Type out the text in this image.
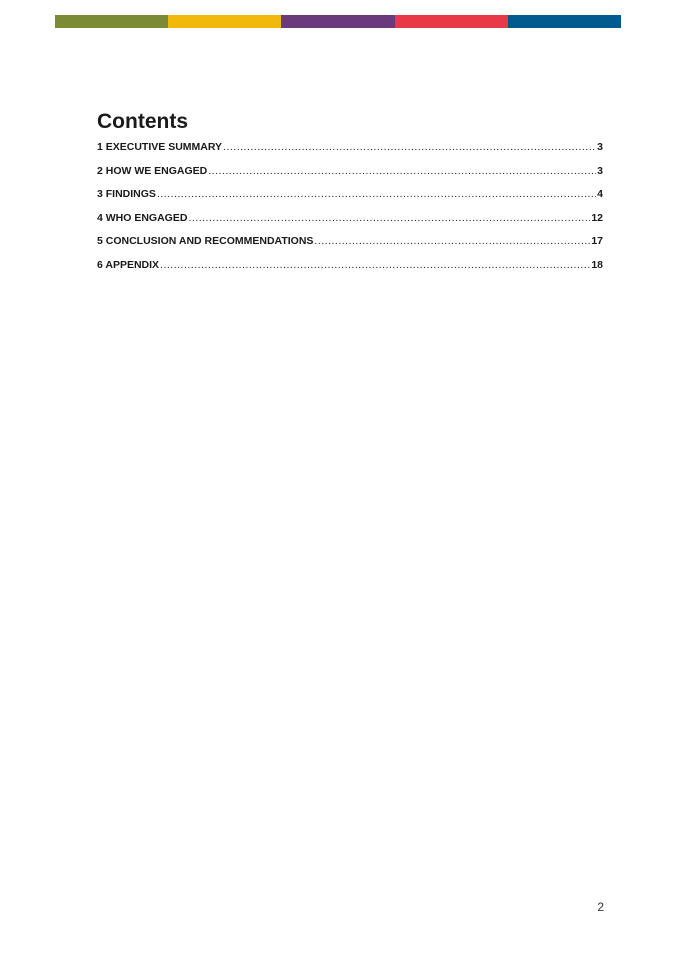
Contents
1 EXECUTIVE SUMMARY .....	3
2 HOW WE ENGAGED .....	3
3 FINDINGS .....	4
4 WHO ENGAGED .....	12
5 CONCLUSION AND RECOMMENDATIONS .....	17
6 APPENDIX .....	18
2
